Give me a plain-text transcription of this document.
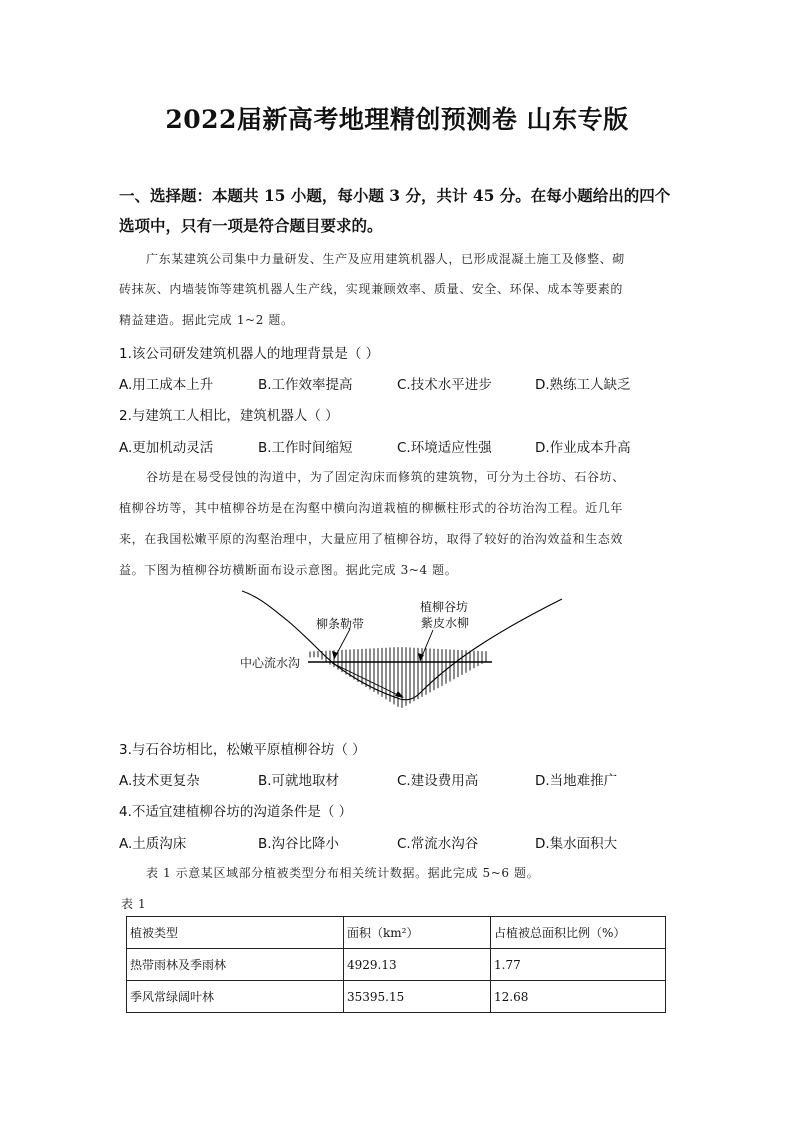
2022届新高考地理精创预测卷 山东专版
一、选择题：本题共 15 小题，每小题 3 分，共计 45 分。在每小题给出的四个
选项中，只有一项是符合题目要求的。
广东某建筑公司集中力量研发、生产及应用建筑机器人，已形成混凝土施工及修整、砌
砖抹灰、内墙装饰等建筑机器人生产线，实现兼顾效率、质量、安全、环保、成本等要素的
精益建造。据此完成 1~2 题。
1.该公司研发建筑机器人的地理背景是（ ）
A.用工成本上升	B.工作效率提高	C.技术水平进步	D.熟练工人缺乏
2.与建筑工人相比，建筑机器人（ ）
A.更加机动灵活	B.工作时间缩短	C.环境适应性强	D.作业成本升高
谷坊是在易受侵蚀的沟道中，为了固定沟床而修筑的建筑物，可分为土谷坊、石谷坊、
植柳谷坊等，其中植柳谷坊是在沟壑中横向沟道栽植的柳橛柱形式的谷坊治沟工程。近几年
来，在我国松嫩平原的沟壑治理中，大量应用了植柳谷坊，取得了较好的治沟效益和生态效
益。下图为植柳谷坊横断面布设示意图。据此完成 3~4 题。
柳条勒带
植柳谷坊
紫皮水柳
中心流水沟
3.与石谷坊相比，松嫩平原植柳谷坊（ ）
A.技术更复杂	B.可就地取材	C.建设费用高	D.当地难推广
4.不适宜建植柳谷坊的沟道条件是（ ）
A.土质沟床	B.沟谷比降小	C.常流水沟谷	D.集水面积大
表 1 示意某区域部分植被类型分布相关统计数据。据此完成 5~6 题。
表 1
植被类型	面积（km²）	占植被总面积比例（%）
热带雨林及季雨林	4929.13	1.77
季风常绿阔叶林	35395.15	12.68
